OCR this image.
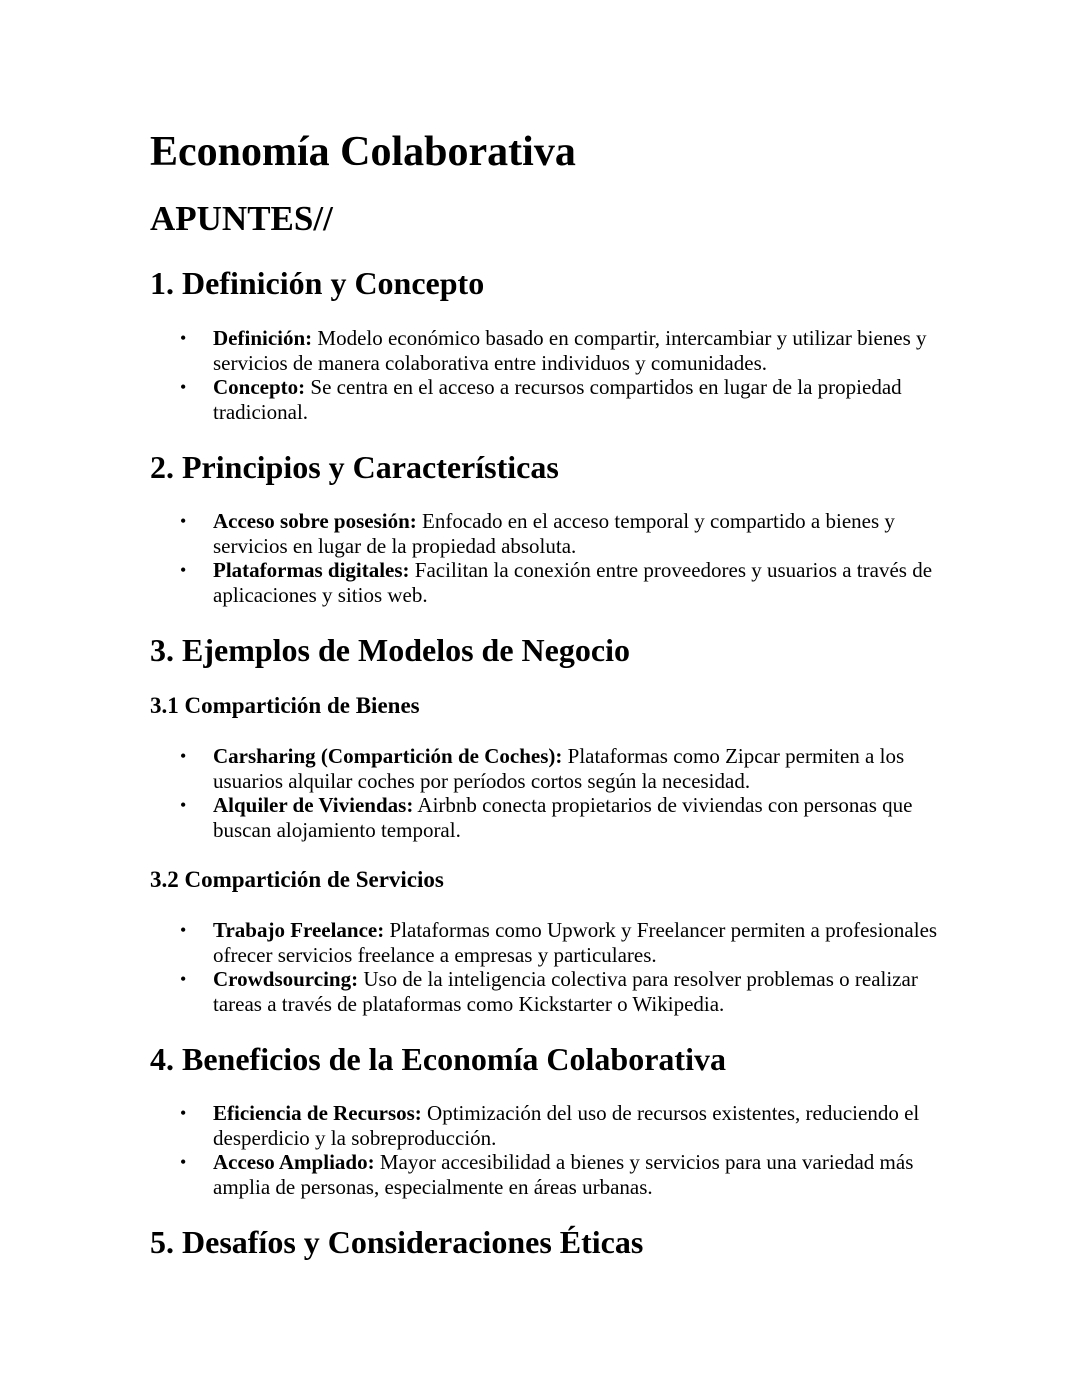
Economía Colaborativa
APUNTES//
1. Definición y Concepto
• Definición: Modelo económico basado en compartir, intercambiar y utilizar bienes y servicios de manera colaborativa entre individuos y comunidades.
• Concepto: Se centra en el acceso a recursos compartidos en lugar de la propiedad tradicional.
2. Principios y Características
• Acceso sobre posesión: Enfocado en el acceso temporal y compartido a bienes y servicios en lugar de la propiedad absoluta.
• Plataformas digitales: Facilitan la conexión entre proveedores y usuarios a través de aplicaciones y sitios web.
3. Ejemplos de Modelos de Negocio
3.1 Compartición de Bienes
• Carsharing (Compartición de Coches): Plataformas como Zipcar permiten a los usuarios alquilar coches por períodos cortos según la necesidad.
• Alquiler de Viviendas: Airbnb conecta propietarios de viviendas con personas que buscan alojamiento temporal.
3.2 Compartición de Servicios
• Trabajo Freelance: Plataformas como Upwork y Freelancer permiten a profesionales ofrecer servicios freelance a empresas y particulares.
• Crowdsourcing: Uso de la inteligencia colectiva para resolver problemas o realizar tareas a través de plataformas como Kickstarter o Wikipedia.
4. Beneficios de la Economía Colaborativa
• Eficiencia de Recursos: Optimización del uso de recursos existentes, reduciendo el desperdicio y la sobreproducción.
• Acceso Ampliado: Mayor accesibilidad a bienes y servicios para una variedad más amplia de personas, especialmente en áreas urbanas.
5. Desafíos y Consideraciones Éticas
